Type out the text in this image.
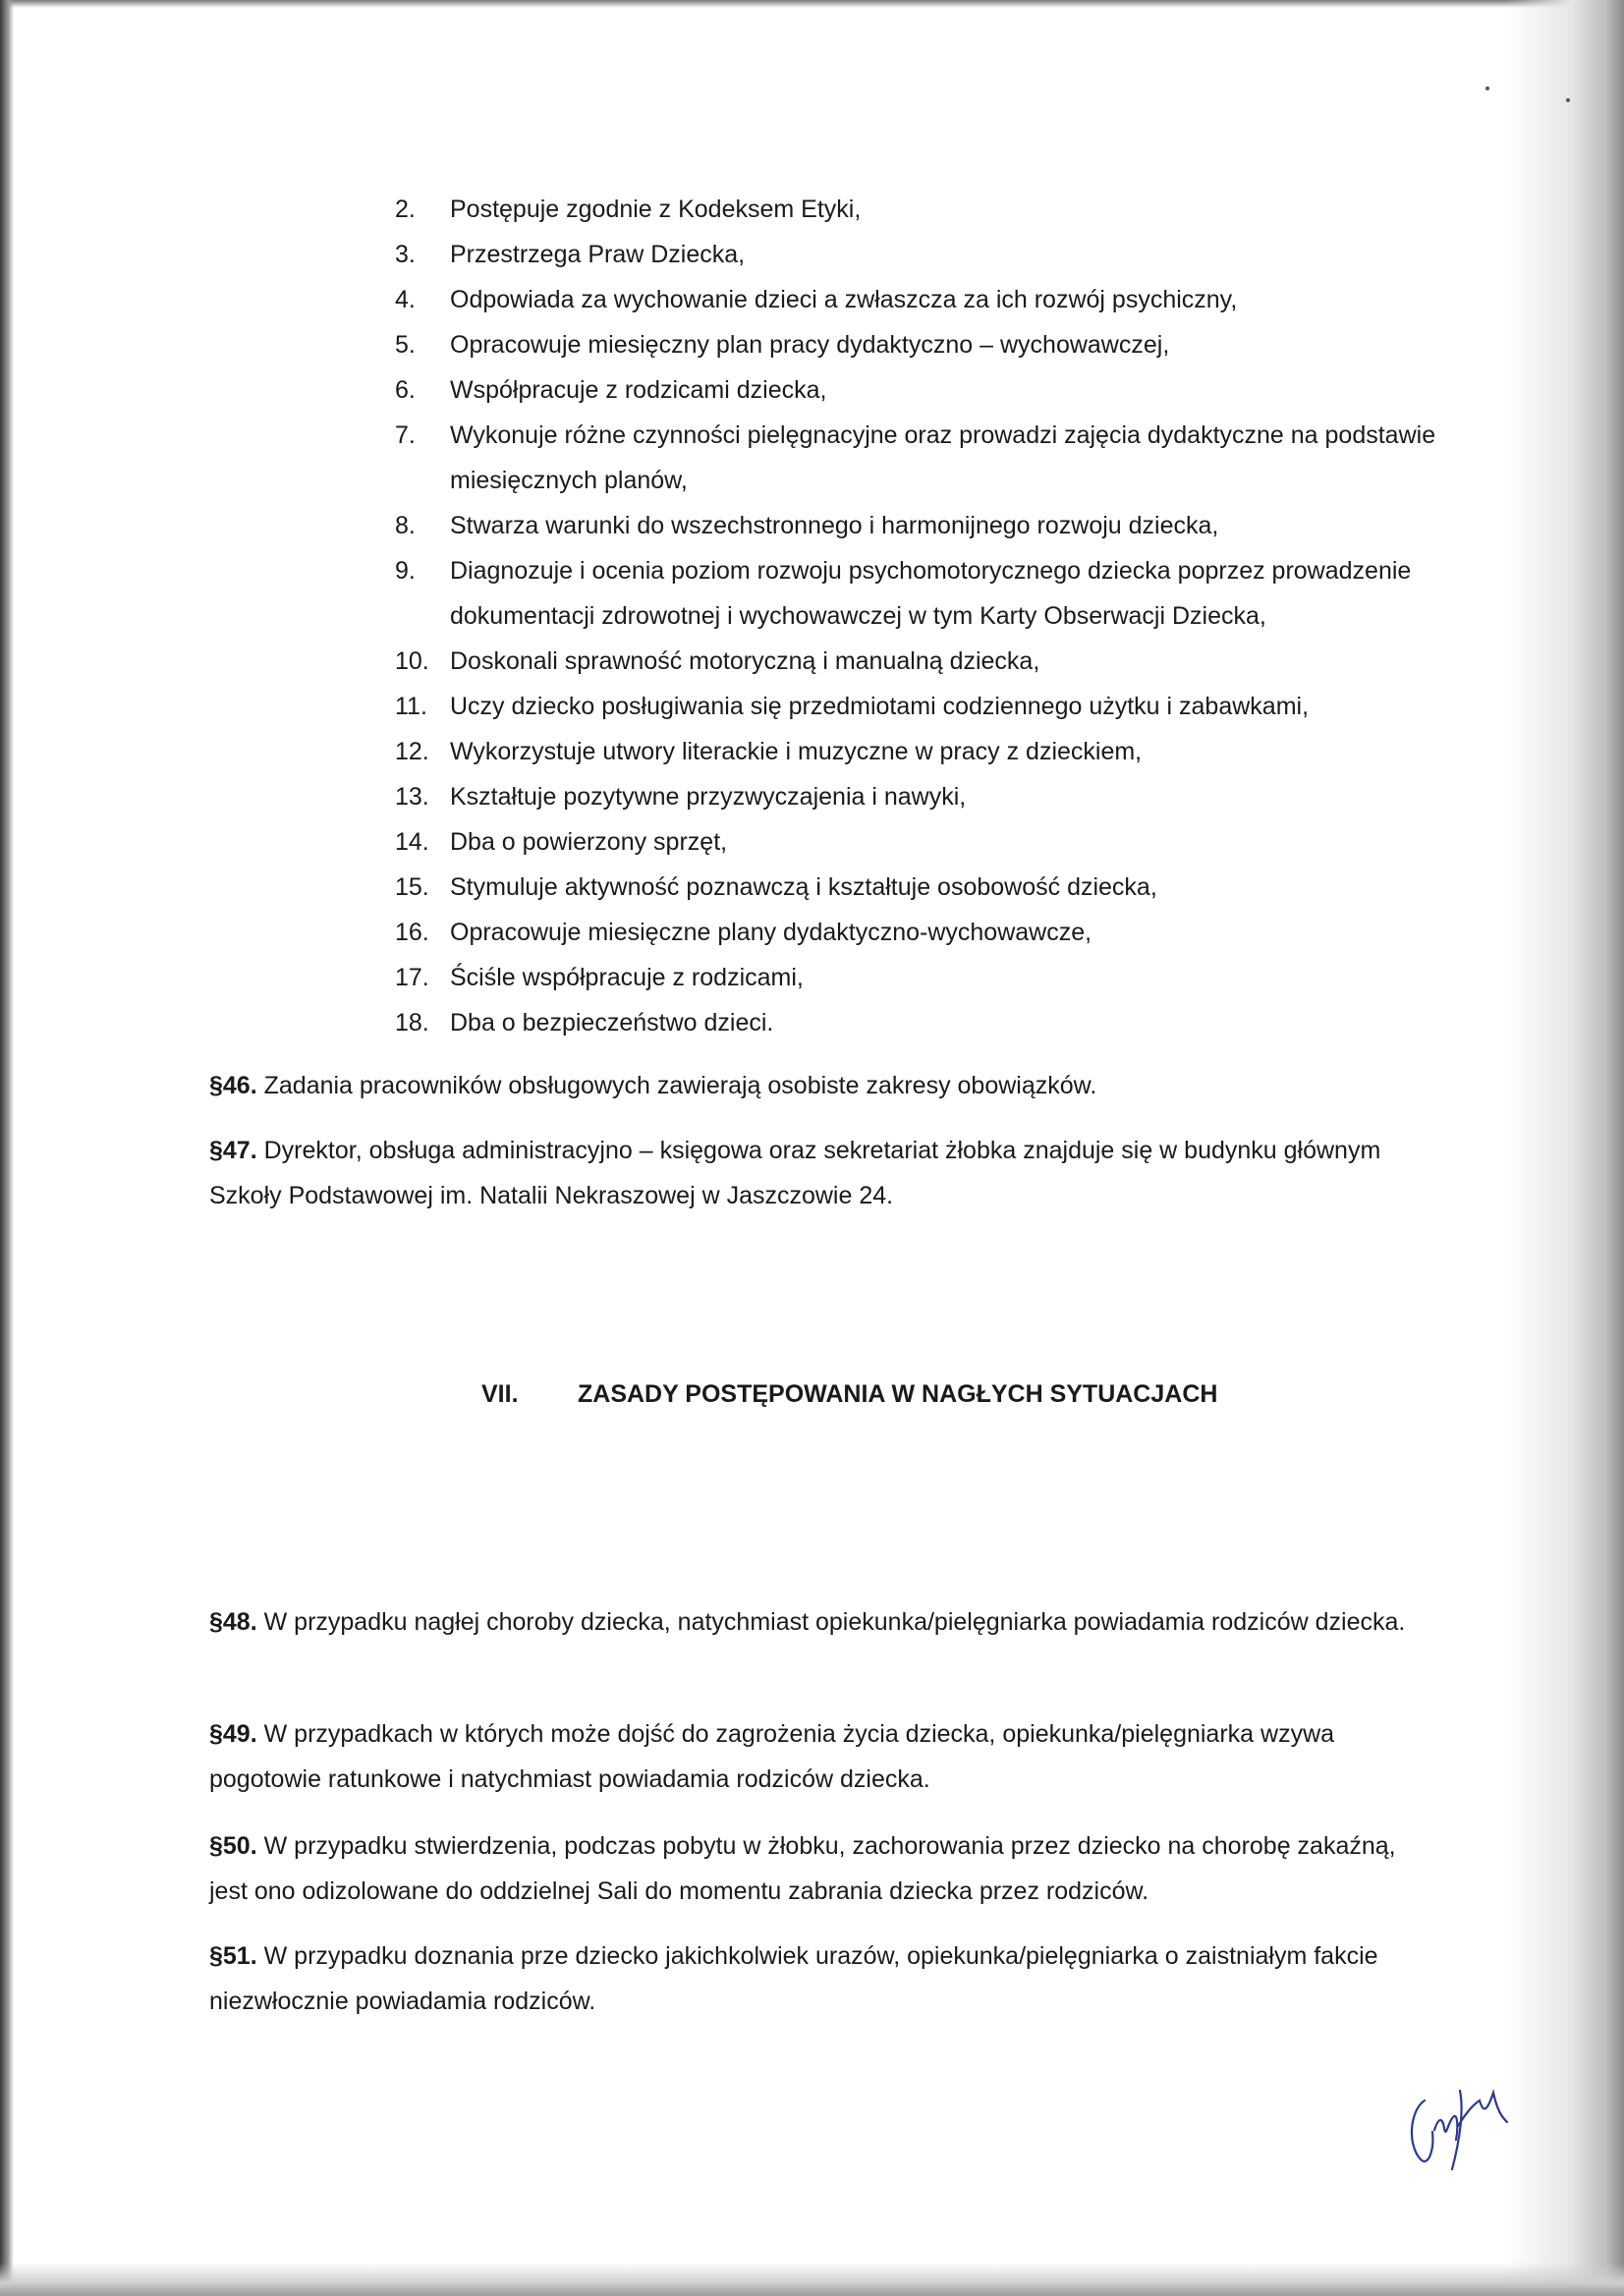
2.	Postępuje zgodnie z Kodeksem Etyki,
3.	Przestrzega Praw Dziecka,
4.	Odpowiada za wychowanie dzieci a zwłaszcza za ich rozwój psychiczny,
5.	Opracowuje miesięczny plan pracy dydaktyczno – wychowawczej,
6.	Współpracuje z rodzicami dziecka,
7.	Wykonuje różne czynności pielęgnacyjne oraz prowadzi zajęcia dydaktyczne na podstawie miesięcznych planów,
8.	Stwarza warunki do wszechstronnego i harmonijnego rozwoju dziecka,
9.	Diagnozuje i ocenia poziom rozwoju psychomotorycznego dziecka poprzez prowadzenie dokumentacji zdrowotnej i wychowawczej w tym Karty Obserwacji Dziecka,
10. Doskonali sprawność motoryczną i manualną dziecka,
11. Uczy dziecko posługiwania się przedmiotami codziennego użytku i zabawkami,
12. Wykorzystuje utwory literackie i muzyczne w pracy z dzieckiem,
13. Kształtuje pozytywne przyzwyczajenia i nawyki,
14. Dba o powierzony sprzęt,
15. Stymuluje aktywność poznawczą i kształtuje osobowość dziecka,
16. Opracowuje miesięczne plany dydaktyczno-wychowawcze,
17. Ściśle współpracuje z rodzicami,
18. Dba o bezpieczeństwo dzieci.

§46. Zadania pracowników obsługowych zawierają osobiste zakresy obowiązków.

§47. Dyrektor, obsługa administracyjno – księgowa oraz sekretariat żłobka znajduje się w budynku głównym Szkoły Podstawowej im. Natalii Nekraszowej w Jaszczowie 24.

VII. ZASADY POSTĘPOWANIA W NAGŁYCH SYTUACJACH

§48. W przypadku nagłej choroby dziecka, natychmiast opiekunka/pielęgniarka powiadamia rodziców dziecka.

§49. W przypadkach w których może dojść do zagrożenia życia dziecka, opiekunka/pielęgniarka wzywa pogotowie ratunkowe i natychmiast powiadamia rodziców dziecka.

§50. W przypadku stwierdzenia, podczas pobytu w żłobku, zachorowania przez dziecko na chorobę zakaźną, jest ono odizolowane do oddzielnej Sali do momentu zabrania dziecka przez rodziców.

§51. W przypadku doznania prze dziecko jakichkolwiek urazów, opiekunka/pielęgniarka o zaistniałym fakcie niezwłocznie powiadamia rodziców.
